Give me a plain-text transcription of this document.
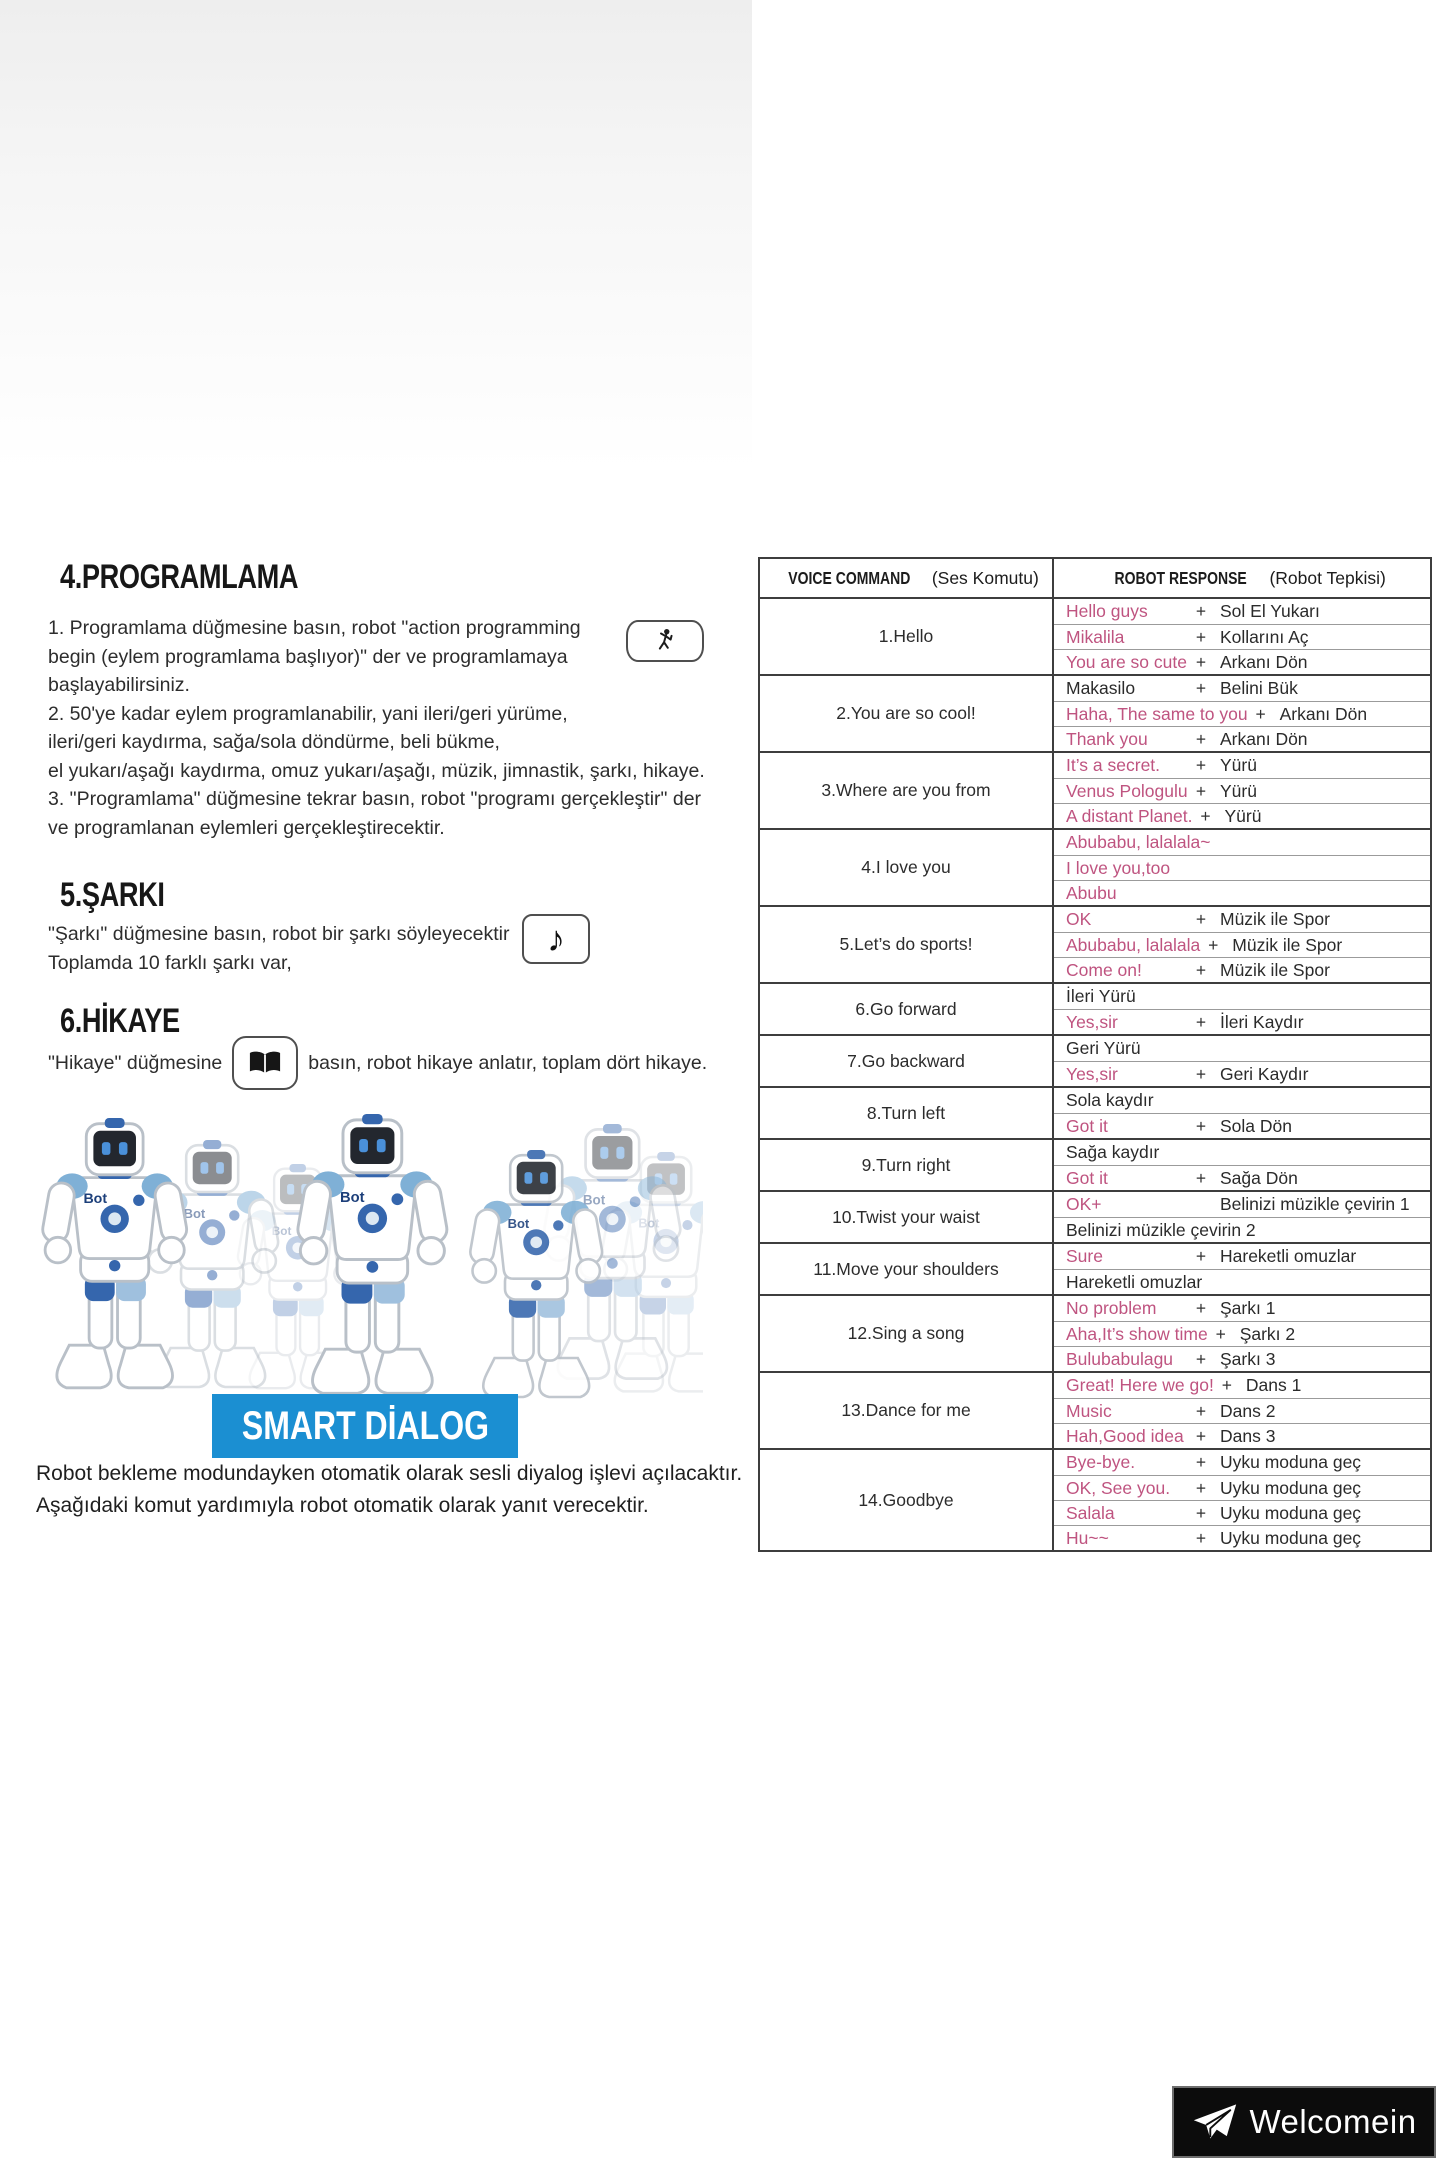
4.PROGRAMLAMA
1. Programlama düğmesine basın, robot "action programming
begin (eylem programlama başlıyor)" der ve programlamaya
başlayabilirsiniz.
2. 50'ye kadar eylem programlanabilir, yani ileri/geri yürüme,
ileri/geri kaydırma, sağa/sola döndürme, beli bükme,
el yukarı/aşağı kaydırma, omuz yukarı/aşağı, müzik, jimnastik, şarkı, hikaye.
3. "Programlama" düğmesine tekrar basın, robot "programı gerçekleştir" der
ve programlanan eylemleri gerçekleştirecektir.
5.ŞARKI
"Şarkı" düğmesine basın, robot bir şarkı söyleyecektir
Toplamda 10 farklı şarkı var,
♪
6.HİKAYE
"Hikaye" düğmesine	basın, robot hikaye anlatır, toplam dört hikaye.
Bot
SMART DİALOG
Robot bekleme modundayken otomatik olarak sesli diyalog işlevi açılacaktır.
Aşağıdaki komut yardımıyla robot otomatik olarak yanıt verecektir.
VOICE COMMAND (Ses Komutu)	ROBOT RESPONSE (Robot Tepkisi)
1.Hello
Hello guys	+ Sol El Yukarı
Mikalila	+ Kollarını Aç
You are so cute + Arkanı Dön
2.You are so cool!
Makasilo	+ Belini Bük
Haha, The same to you + Arkanı Dön
Thank you	+ Arkanı Dön
3.Where are you from
It’s a secret.	+ Yürü
Venus Pologulu + Yürü
A distant Planet. + Yürü
4.I love you
Abubabu, lalalala~
I love you,too
Abubu
5.Let’s do sports!
OK	+ Müzik ile Spor
Abubabu, lalalala + Müzik ile Spor
Come on!	+ Müzik ile Spor
6.Go forward
İleri Yürü
Yes,sir	+ İleri Kaydır
7.Go backward
Geri Yürü
Yes,sir	+ Geri Kaydır
8.Turn left
Sola kaydır
Got it	+ Sola Dön
9.Turn right
Sağa kaydır
Got it	+ Sağa Dön
10.Twist your waist
OK+	Belinizi müzikle çevirin 1
Belinizi müzikle çevirin 2
11.Move your shoulders
Sure	+ Hareketli omuzlar
Hareketli omuzlar
12.Sing a song
No problem	+ Şarkı 1
Aha,It’s show time + Şarkı 2
Bulubabulagu	+ Şarkı 3
13.Dance for me
Great! Here we go! + Dans 1
Music	+ Dans 2
Hah,Good idea + Dans 3
14.Goodbye
Bye-bye.	+ Uyku moduna geç
OK, See you.	+ Uyku moduna geç
Salala	+ Uyku moduna geç
Hu~~	+ Uyku moduna geç
Welcomein
